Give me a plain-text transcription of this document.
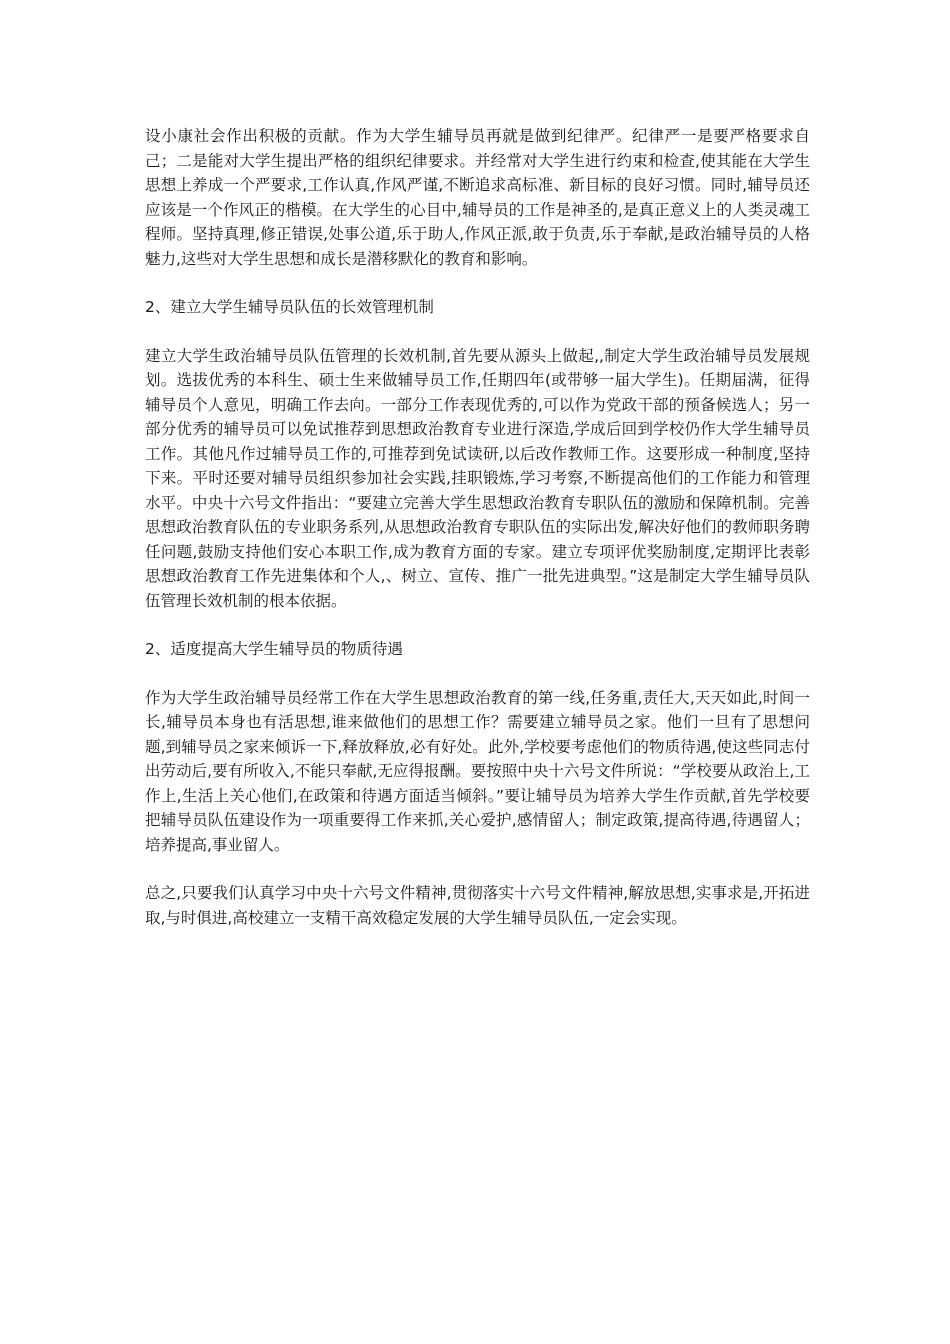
设小康社会作出积极的贡献。作为大学生辅导员再就是做到纪律严。纪律严一是要严格要求自己；二是能对大学生提出严格的组织纪律要求。并经常对大学生进行约束和检查,使其能在大学生思想上养成一个严要求,工作认真,作风严谨,不断追求高标准、新目标的良好习惯。同时,辅导员还应该是一个作风正的楷模。在大学生的心目中,辅导员的工作是神圣的,是真正意义上的人类灵魂工程师。坚持真理,修正错误,处事公道,乐于助人,作风正派,敢于负责,乐于奉献,是政治辅导员的人格魅力,这些对大学生思想和成长是潜移默化的教育和影响。

2、建立大学生辅导员队伍的长效管理机制

建立大学生政治辅导员队伍管理的长效机制,首先要从源头上做起,,制定大学生政治辅导员发展规划。选拔优秀的本科生、硕士生来做辅导员工作,任期四年(或带够一届大学生)。任期届满，征得辅导员个人意见，明确工作去向。一部分工作表现优秀的,可以作为党政干部的预备候选人；另一部分优秀的辅导员可以免试推荐到思想政治教育专业进行深造,学成后回到学校仍作大学生辅导员工作。其他凡作过辅导员工作的,可推荐到免试读研,以后改作教师工作。这要形成一种制度,坚持下来。平时还要对辅导员组织参加社会实践,挂职锻炼,学习考察,不断提高他们的工作能力和管理水平。中央十六号文件指出：“要建立完善大学生思想政治教育专职队伍的激励和保障机制。完善思想政治教育队伍的专业职务系列,从思想政治教育专职队伍的实际出发,解决好他们的教师职务聘任问题,鼓励支持他们安心本职工作,成为教育方面的专家。建立专项评优奖励制度,定期评比表彰思想政治教育工作先进集体和个人,、树立、宣传、推广一批先进典型。”这是制定大学生辅导员队伍管理长效机制的根本依据。

2、适度提高大学生辅导员的物质待遇

作为大学生政治辅导员经常工作在大学生思想政治教育的第一线,任务重,责任大,天天如此,时间一长,辅导员本身也有活思想,谁来做他们的思想工作？需要建立辅导员之家。他们一旦有了思想问题,到辅导员之家来倾诉一下,释放释放,必有好处。此外,学校要考虑他们的物质待遇,使这些同志付出劳动后,要有所收入,不能只奉献,无应得报酬。要按照中央十六号文件所说：“学校要从政治上,工作上,生活上关心他们,在政策和待遇方面适当倾斜。”要让辅导员为培养大学生作贡献,首先学校要把辅导员队伍建设作为一项重要得工作来抓,关心爱护,感情留人；制定政策,提高待遇,待遇留人；培养提高,事业留人。

总之,只要我们认真学习中央十六号文件精神,贯彻落实十六号文件精神,解放思想,实事求是,开拓进取,与时俱进,高校建立一支精干高效稳定发展的大学生辅导员队伍,一定会实现。
